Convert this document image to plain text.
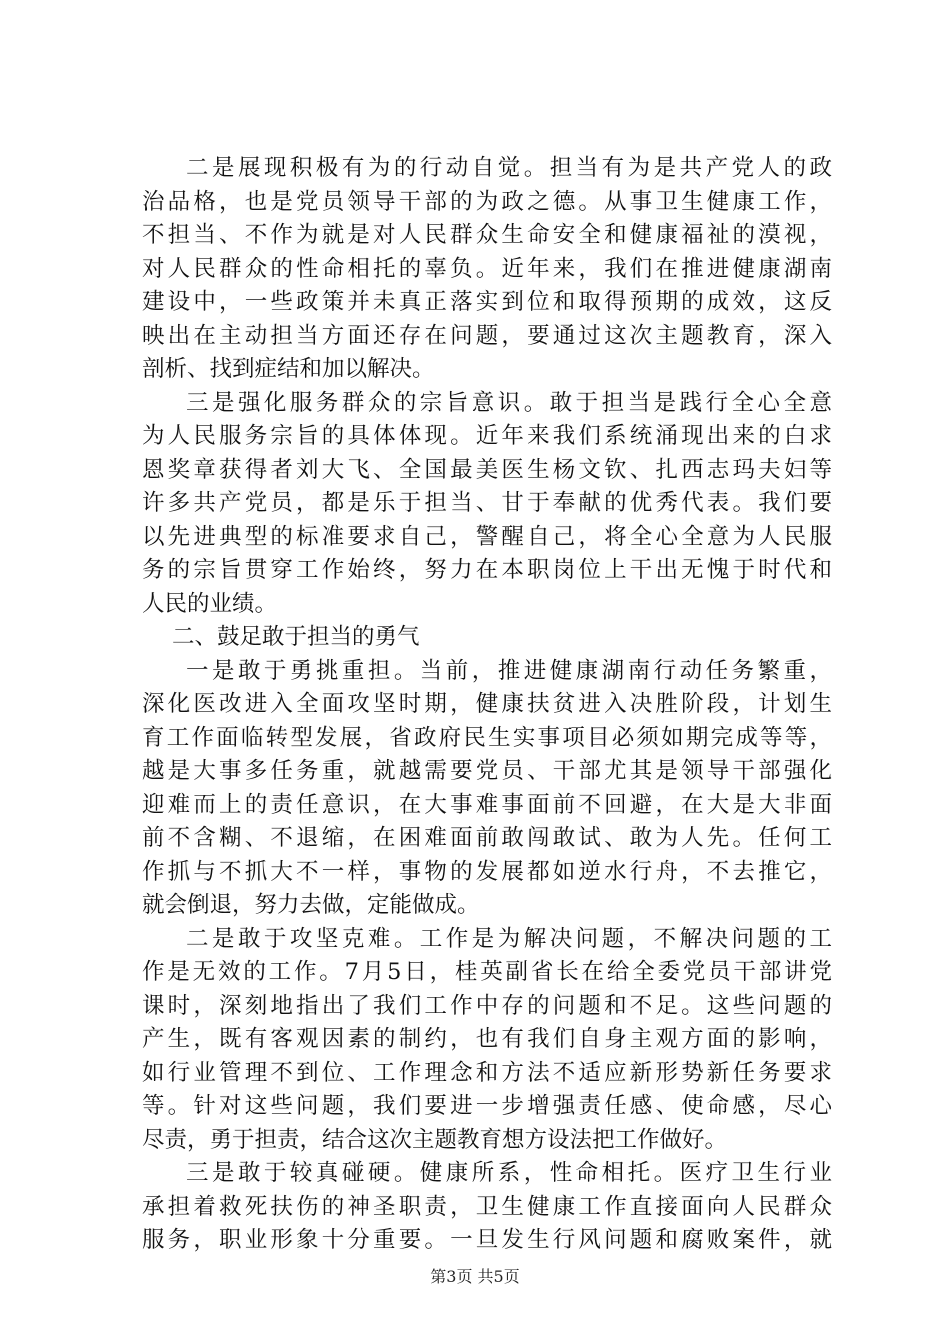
二是展现积极有为的行动自觉。担当有为是共产党人的政
治品格，也是党员领导干部的为政之德。从事卫生健康工作，
不担当、不作为就是对人民群众生命安全和健康福祉的漠视，
对人民群众的性命相托的辜负。近年来，我们在推进健康湖南
建设中，一些政策并未真正落实到位和取得预期的成效，这反
映出在主动担当方面还存在问题，要通过这次主题教育，深入
剖析、找到症结和加以解决。
三是强化服务群众的宗旨意识。敢于担当是践行全心全意
为人民服务宗旨的具体体现。近年来我们系统涌现出来的白求
恩奖章获得者刘大飞、全国最美医生杨文钦、扎西志玛夫妇等
许多共产党员，都是乐于担当、甘于奉献的优秀代表。我们要
以先进典型的标准要求自己，警醒自己，将全心全意为人民服
务的宗旨贯穿工作始终，努力在本职岗位上干出无愧于时代和
人民的业绩。
二、鼓足敢于担当的勇气
一是敢于勇挑重担。当前，推进健康湖南行动任务繁重，
深化医改进入全面攻坚时期，健康扶贫进入决胜阶段，计划生
育工作面临转型发展，省政府民生实事项目必须如期完成等等，
越是大事多任务重，就越需要党员、干部尤其是领导干部强化
迎难而上的责任意识，在大事难事面前不回避，在大是大非面
前不含糊、不退缩，在困难面前敢闯敢试、敢为人先。任何工
作抓与不抓大不一样，事物的发展都如逆水行舟，不去推它，
就会倒退，努力去做，定能做成。
二是敢于攻坚克难。工作是为解决问题，不解决问题的工
作是无效的工作。7月5日，桂英副省长在给全委党员干部讲党
课时，深刻地指出了我们工作中存的问题和不足。这些问题的
产生，既有客观因素的制约，也有我们自身主观方面的影响，
如行业管理不到位、工作理念和方法不适应新形势新任务要求
等。针对这些问题，我们要进一步增强责任感、使命感，尽心
尽责，勇于担责，结合这次主题教育想方设法把工作做好。
三是敢于较真碰硬。健康所系，性命相托。医疗卫生行业
承担着救死扶伤的神圣职责，卫生健康工作直接面向人民群众
服务，职业形象十分重要。一旦发生行风问题和腐败案件，就
第3页 共5页
